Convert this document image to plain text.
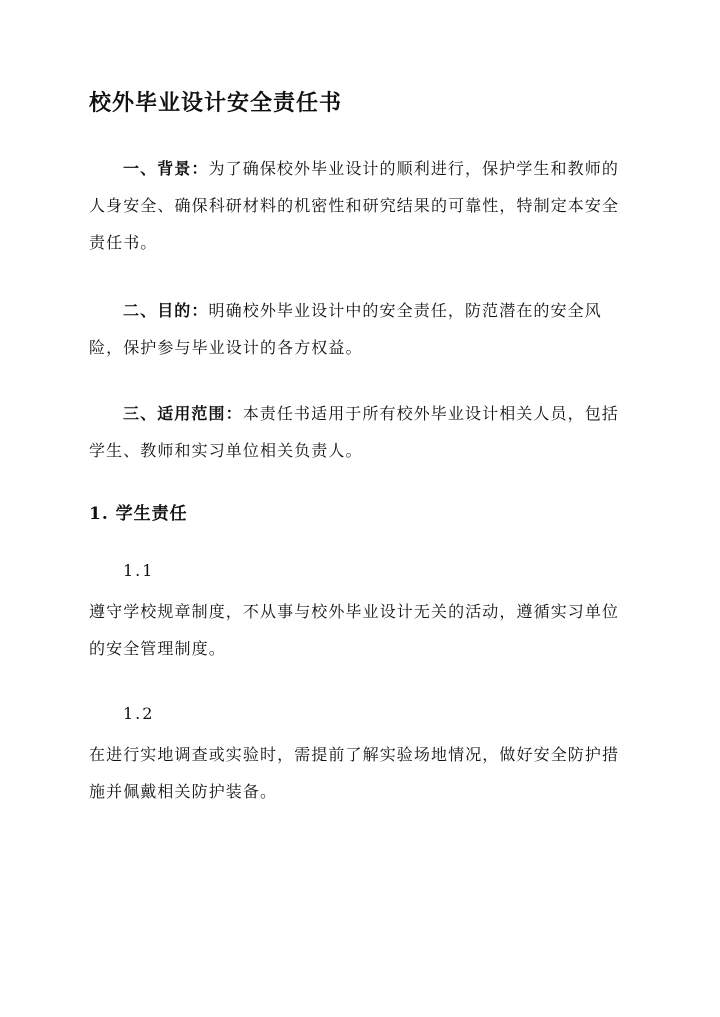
校外毕业设计安全责任书

一、背景：为了确保校外毕业设计的顺利进行，保护学生和教师的人身安全、确保科研材料的机密性和研究结果的可靠性，特制定本安全责任书。

二、目的：明确校外毕业设计中的安全责任，防范潜在的安全风险，保护参与毕业设计的各方权益。

三、适用范围：本责任书适用于所有校外毕业设计相关人员，包括学生、教师和实习单位相关负责人。

1. 学生责任

1.1

遵守学校规章制度，不从事与校外毕业设计无关的活动，遵循实习单位的安全管理制度。

1.2

在进行实地调查或实验时，需提前了解实验场地情况，做好安全防护措施并佩戴相关防护装备。
